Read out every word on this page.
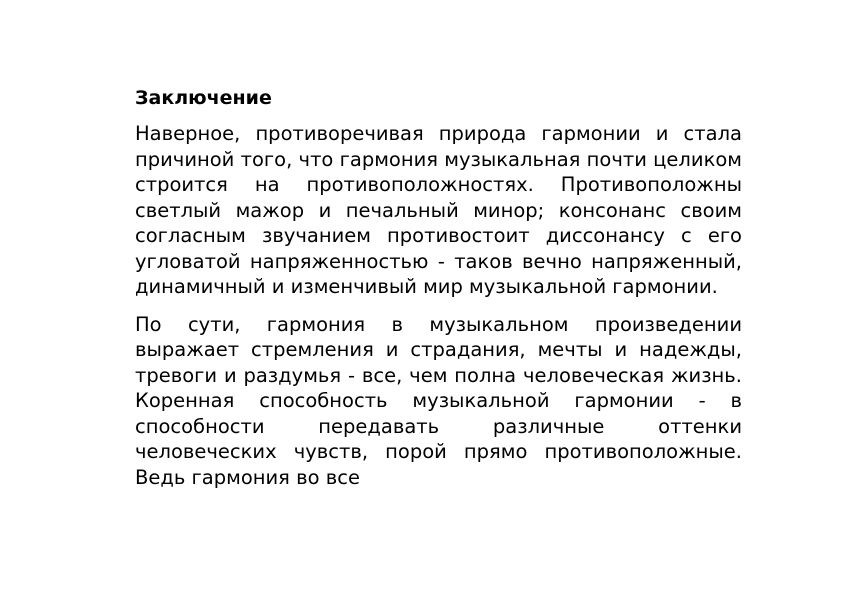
Заключение

Наверное, противоречивая природа гармонии и стала причиной того, что гармония музыкальная почти целиком строится на противоположностях. Противоположны светлый мажор и печальный минор; консонанс своим согласным звучанием противостоит диссонансу с его угловатой напряженностью - таков вечно напряженный, динамичный и изменчивый мир музыкальной гармонии.

По сути, гармония в музыкальном произведении выражает стремления и страдания, мечты и надежды, тревоги и раздумья - все, чем полна человеческая жизнь. Коренная способность музыкальной гармонии - в способности передавать различные оттенки человеческих чувств, порой прямо противоположные. Ведь гармония во все
